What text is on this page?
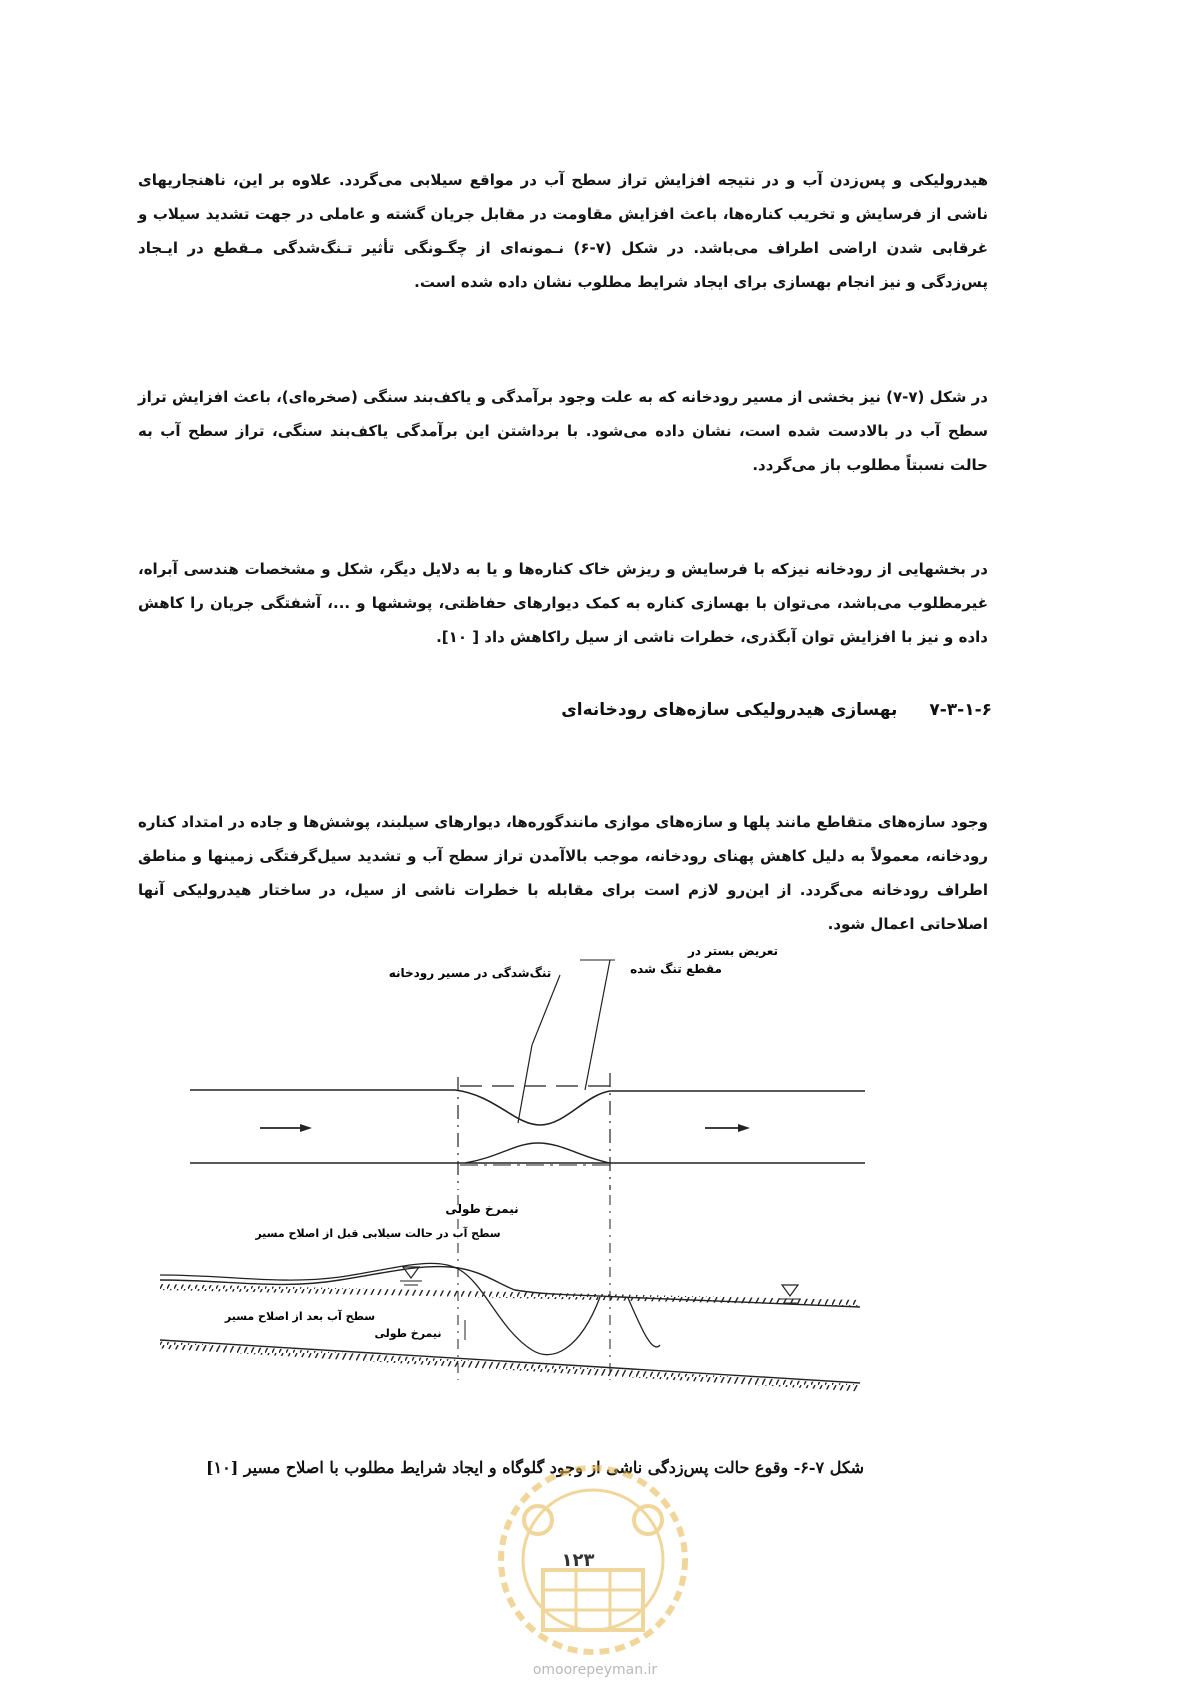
هیدرولیکی و پس‌زدن آب و در نتیجه افزایش تراز سطح آب در مواقع سیلابی می‌گردد. علاوه بر این، ناهنجاریهای ناشی از فرسایش و تخریب کناره‌ها، باعث افزایش مقاومت در مقابل جریان گشته و عاملی در جهت تشدید سیلاب و غرقابی شدن اراضی اطراف می‌باشد. در شکل (۷-۶) نـمونه‌ای از چگـونگی تأثیر تـنگ‌شدگی مـقطع در ایـجاد پس‌زدگی و نیز انجام بهسازی برای ایجاد شرایط مطلوب نشان داده شده است.

در شکل (۷-۷) نیز بخشی از مسیر رودخانه که به علت وجود برآمدگی و یاکف‌بند سنگی (صخره‌ای)، باعث افزایش تراز سطح آب در بالادست شده است، نشان داده می‌شود. با برداشتن این برآمدگی یاکف‌بند سنگی، تراز سطح آب به حالت نسبتاً مطلوب باز می‌گردد.

در بخشهایی از رودخانه نیزکه با فرسایش و ریزش خاک کناره‌ها و یا به دلایل دیگر، شکل و مشخصات هندسی آبراه، غیرمطلوب می‌باشد، می‌توان با بهسازی کناره به کمک دیوارهای حفاظتی، پوششها و ...، آشفتگی جریان را کاهش داده و نیز با افزایش توان آبگذری، خطرات ناشی از سیل راکاهش داد [ ۱۰].

۷-۳-۱-۶ بهسازی هیدرولیکی سازه‌های رودخانه‌ای

وجود سازه‌های متقاطع مانند پلها و سازه‌های موازی مانندگوره‌ها، دیوارهای سیلبند، پوشش‌ها و جاده در امتداد کناره رودخانه، معمولاً به دلیل کاهش پهنای رودخانه، موجب بالاآمدن تراز سطح آب و تشدید سیل‌گرفتگی زمینها و مناطق اطراف رودخانه می‌گردد. از این‌رو لازم است برای مقابله با خطرات ناشی از سیل، در ساختار هیدرولیکی آنها اصلاحاتی اعمال شود.

تعریض بستر در
مقطع تنگ شده
تنگ‌شدگی در مسیر رودخانه
نیمرخ طولی
سطح آب در حالت سیلابی قبل از اصلاح مسیر
سطح آب بعد از اصلاح مسیر
نیمرخ طولی
شکل ۷-۶- وقوع حالت پس‌زدگی ناشی از وجود گلوگاه و ایجاد شرایط مطلوب با اصلاح مسیر [۱۰]
۱۲۳
omoorepeyman.ir
